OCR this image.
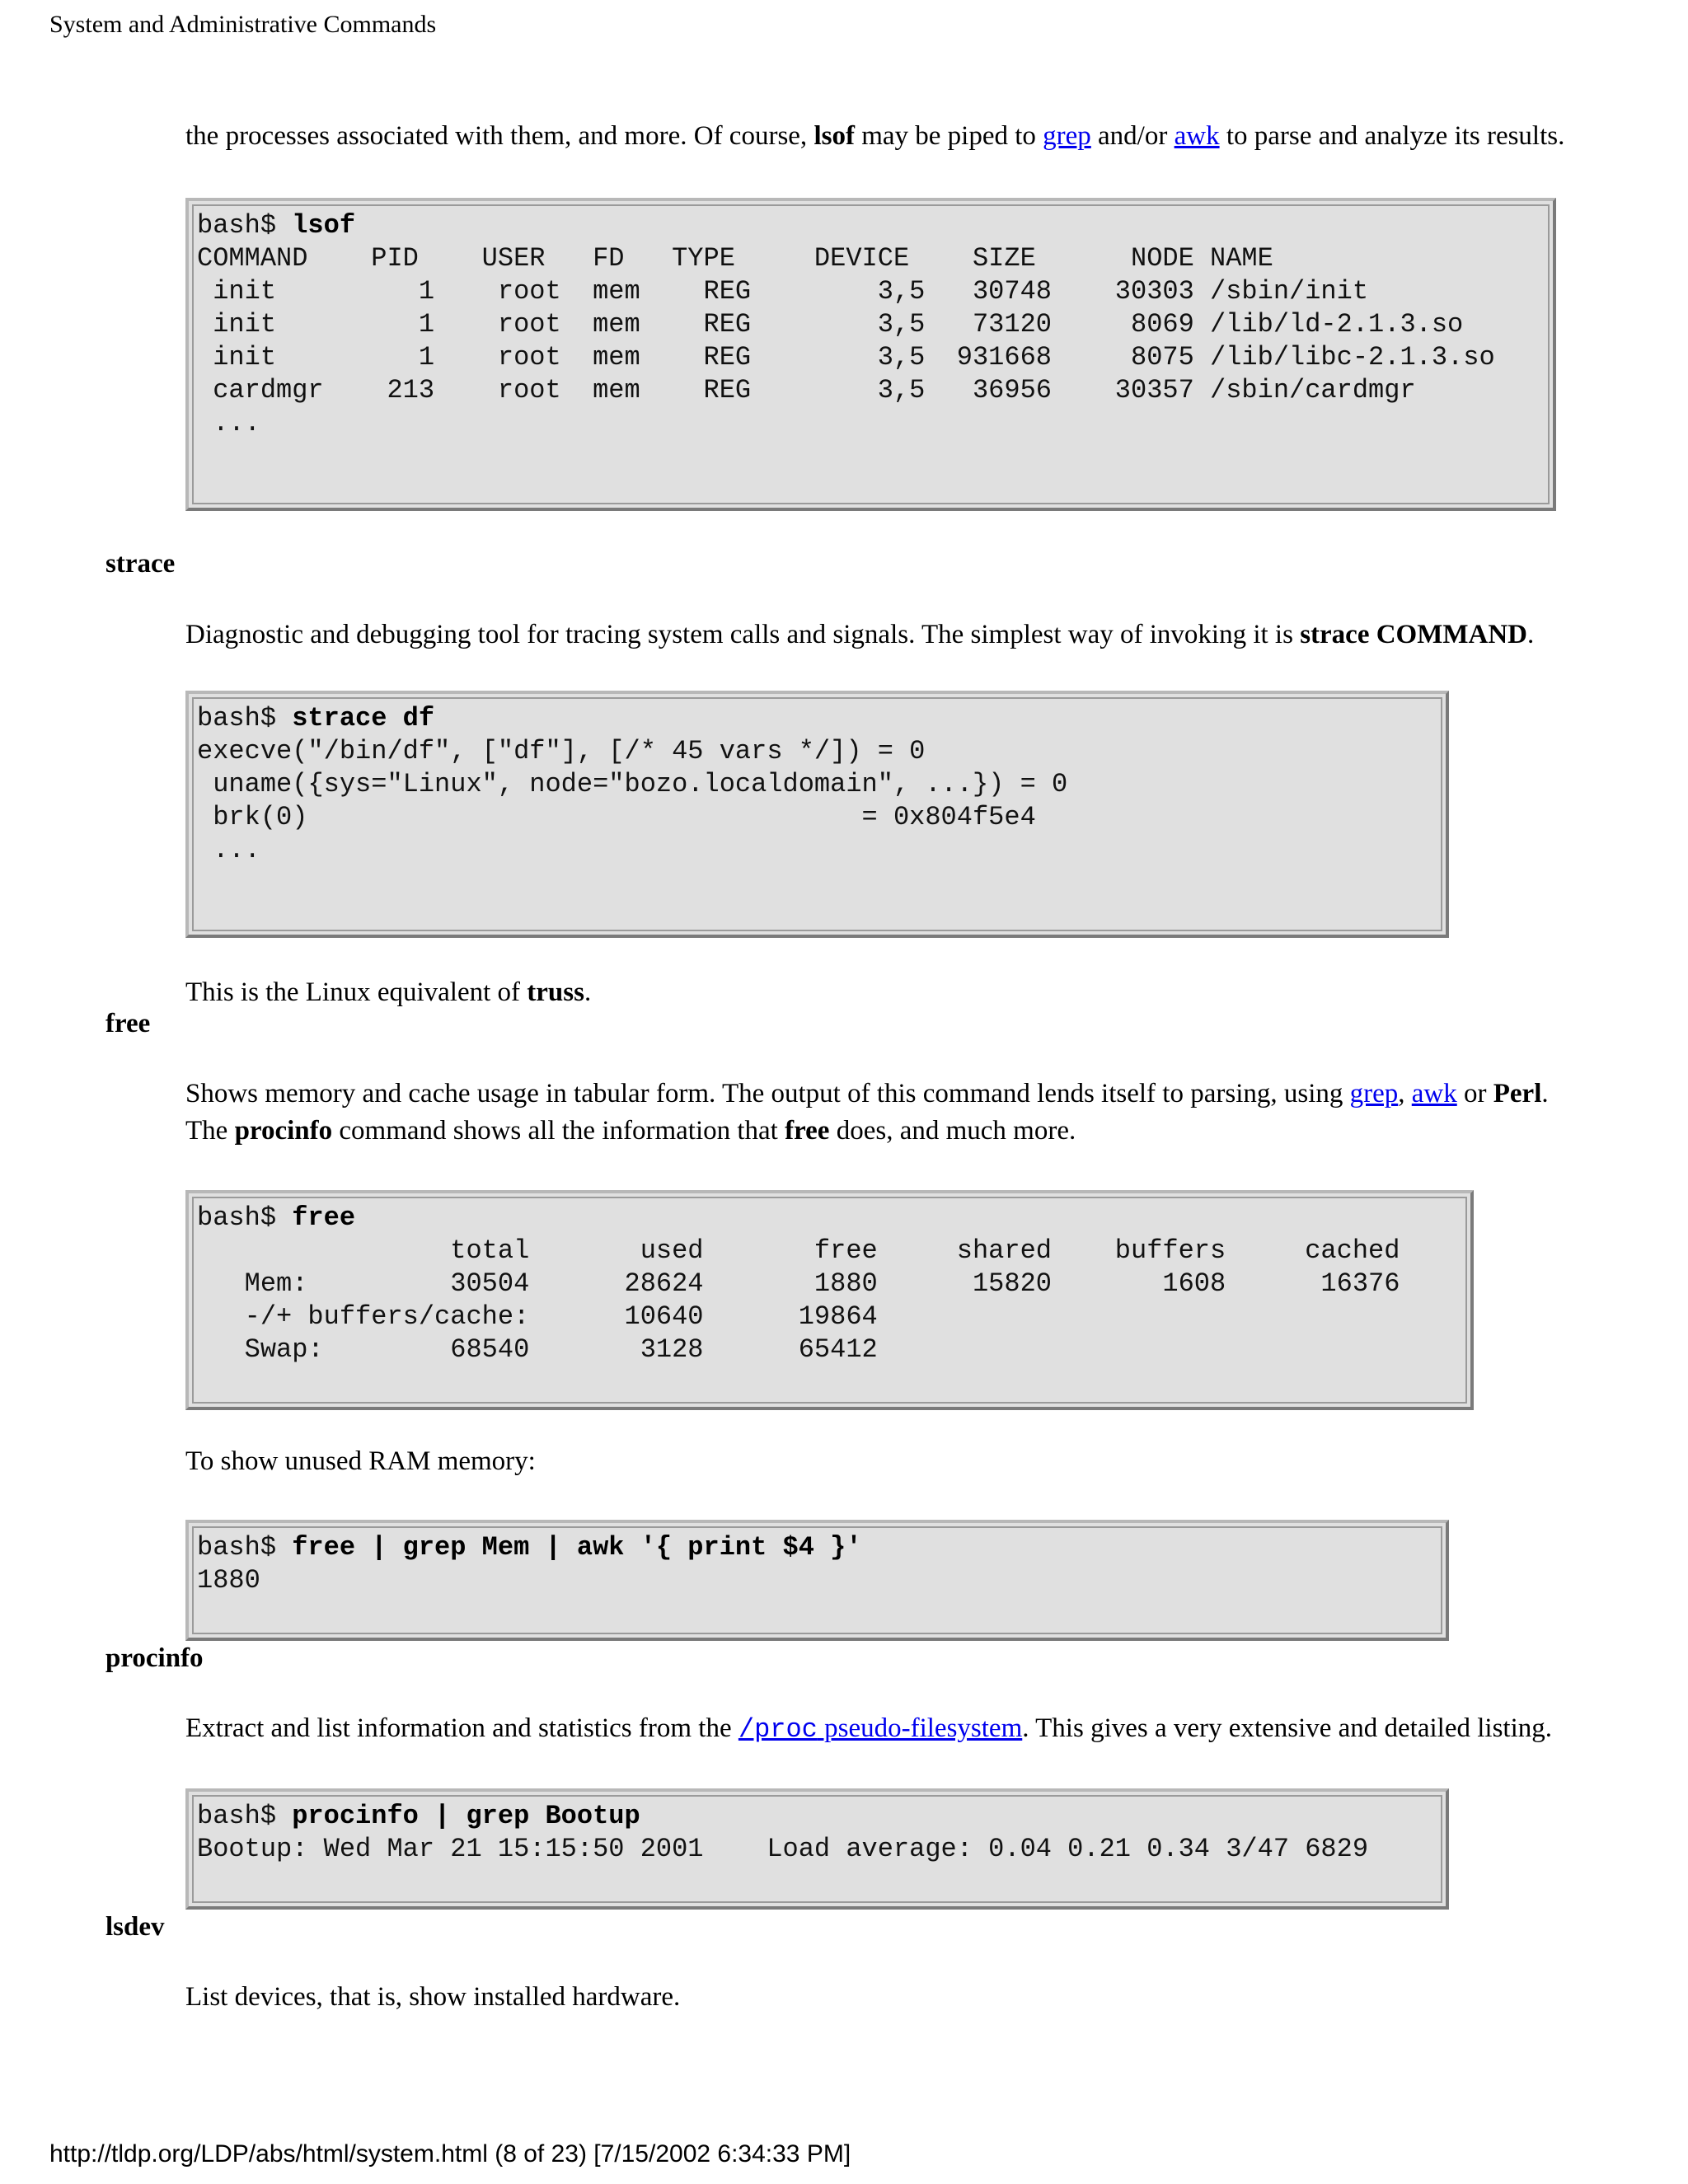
System and Administrative Commands
the processes associated with them, and more. Of course, lsof may be piped to grep and/or awk to parse and analyze its results.
bash$ lsof
COMMAND    PID    USER   FD   TYPE     DEVICE    SIZE      NODE NAME
init         1    root  mem    REG        3,5   30748    30303 /sbin/init
init         1    root  mem    REG        3,5   73120     8069 /lib/ld-2.1.3.so
init         1    root  mem    REG        3,5  931668     8075 /lib/libc-2.1.3.so
cardmgr    213    root  mem    REG        3,5   36956    30357 /sbin/cardmgr
...
strace
Diagnostic and debugging tool for tracing system calls and signals. The simplest way of invoking it is strace COMMAND.
bash$ strace df
execve("/bin/df", ["df"], [/* 45 vars */]) = 0
uname({sys="Linux", node="bozo.localdomain", ...}) = 0
brk(0)                                   = 0x804f5e4
...
This is the Linux equivalent of truss.
free
Shows memory and cache usage in tabular form. The output of this command lends itself to parsing, using grep, awk or Perl.
The procinfo command shows all the information that free does, and much more.
bash$ free
total       used       free     shared    buffers     cached
Mem:         30504      28624       1880      15820       1608      16376
-/+ buffers/cache:      10640      19864
Swap:        68540       3128      65412
To show unused RAM memory:
bash$ free | grep Mem | awk '{ print $4 }'
1880
procinfo
Extract and list information and statistics from the /proc pseudo-filesystem. This gives a very extensive and detailed listing.
bash$ procinfo | grep Bootup
Bootup: Wed Mar 21 15:15:50 2001    Load average: 0.04 0.21 0.34 3/47 6829
lsdev
List devices, that is, show installed hardware.
http://tldp.org/LDP/abs/html/system.html (8 of 23) [7/15/2002 6:34:33 PM]
